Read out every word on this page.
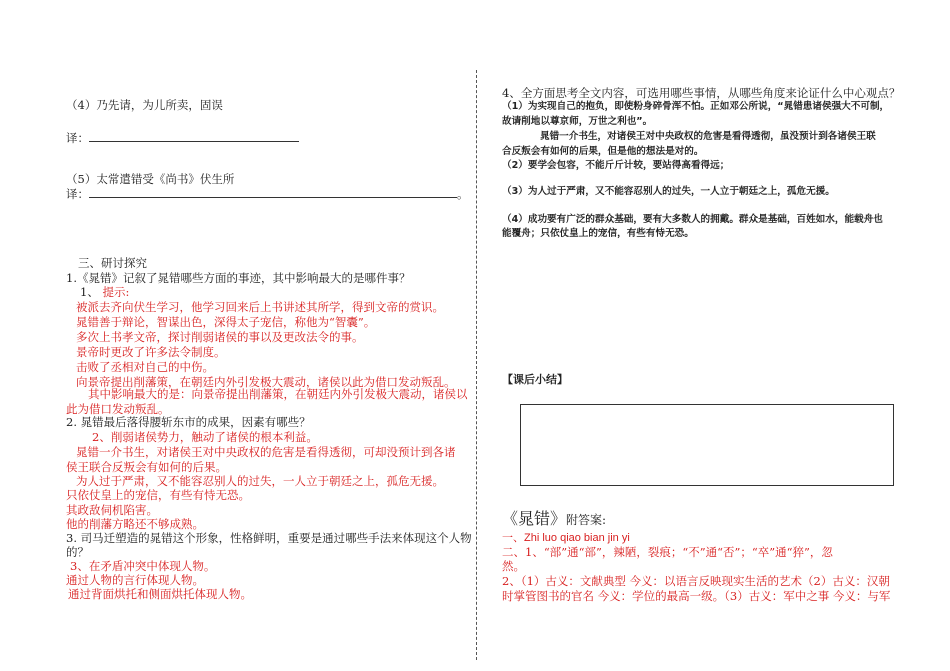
（4）乃先请，为儿所卖，固误
译：
（5）太常遣错受《尚书》伏生所
译：	。
三、研讨探究
1.《晁错》记叙了晁错哪些方面的事迹，其中影响最大的是哪件事？
1、 提示:
被派去齐向伏生学习，他学习回来后上书讲述其所学，得到文帝的赏识。
晁错善于辩论，智谋出色，深得太子宠信，称他为“智囊”。
多次上书孝文帝，探讨削弱诸侯的事以及更改法令的事。
景帝时更改了许多法令制度。
击败了丞相对自己的中伤。
向景帝提出削藩策，在朝廷内外引发极大震动，诸侯以此为借口发动叛乱。
其中影响最大的是：向景帝提出削藩策，在朝廷内外引发极大震动，诸侯以
此为借口发动叛乱。
2. 晁错最后落得腰斩东市的成果，因素有哪些？
2、削弱诸侯势力，触动了诸侯的根本利益。
晁错一介书生，对诸侯王对中央政权的危害是看得透彻，可却没预计到各诸
侯王联合反叛会有如何的后果。
为人过于严肃，又不能容忍别人的过失，一人立于朝廷之上，孤危无援。
只依仗皇上的宠信，有些有恃无恐。
其政敌伺机陷害。
他的削藩方略还不够成熟。
3. 司马迁塑造的晁错这个形象，性格鲜明，重要是通过哪些手法来体现这个人物
的？
3、在矛盾冲突中体现人物。
通过人物的言行体现人物。
通过背面烘托和侧面烘托体现人物。
4、全方面思考全文内容，可选用哪些事情，从哪些角度来论证什么中心观点？
（1）为实现自己的抱负，即使粉身碎骨浑不怕。正如邓公所说，“晁错患诸侯强大不可制，
故请削地以尊京师，万世之利也”。
晁错一介书生，对诸侯王对中央政权的危害是看得透彻，虽没预计到各诸侯王联
合反叛会有如何的后果，但是他的想法是对的。
（2）要学会包容，不能斤斤计较，要站得高看得远；
（3）为人过于严肃，又不能容忍别人的过失，一人立于朝廷之上，孤危无援。
（4）成功要有广泛的群众基础，要有大多数人的拥戴。群众是基础，百姓如水，能载舟也
能覆舟；只依仗皇上的宠信，有些有恃无恐。
【课后小结】
《晁错》附答案:
一、Zhi luo qiao bian jin yi
二、1、“部”通“部”，辣陋，裂痕；“不”通“否”；“卒”通“猝”，忽
然。
2、（1）古义：文献典型 今义：以语言反映现实生活的艺术（2）古义：汉朝
时掌管图书的官名 今义：学位的最高一级。（3）古义：军中之事 今义：与军
